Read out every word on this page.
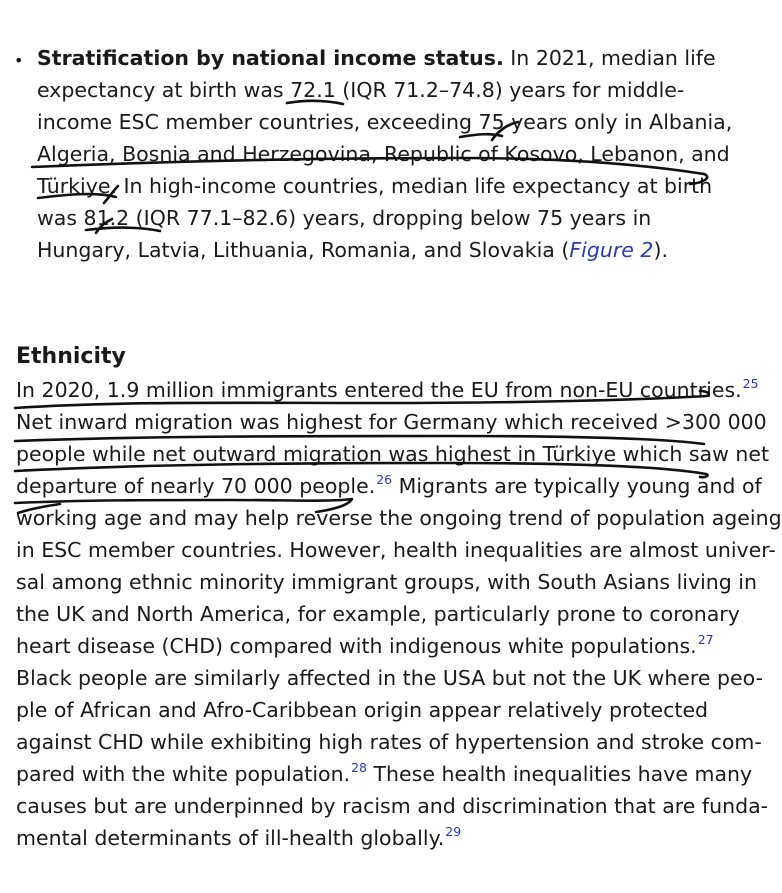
• Stratification by national income status. In 2021, median life
expectancy at birth was 72.1 (IQR 71.2–74.8) years for middle-
income ESC member countries, exceeding 75 years only in Albania,
Algeria, Bosnia and Herzegovina, Republic of Kosovo, Lebanon, and
Türkiye. In high-income countries, median life expectancy at birth
was 81.2 (IQR 77.1–82.6) years, dropping below 75 years in
Hungary, Latvia, Lithuania, Romania, and Slovakia (Figure 2).
Ethnicity
In 2020, 1.9 million immigrants entered the EU from non-EU countries.$^{25}$
Net inward migration was highest for Germany which received >300 000
people while net outward migration was highest in Türkiye which saw net
departure of nearly 70 000 people.$^{26}$ Migrants are typically young and of
working age and may help reverse the ongoing trend of population ageing
in ESC member countries. However, health inequalities are almost univer-
sal among ethnic minority immigrant groups, with South Asians living in
the UK and North America, for example, particularly prone to coronary
heart disease (CHD) compared with indigenous white populations.$^{27}$
Black people are similarly affected in the USA but not the UK where peo-
ple of African and Afro-Caribbean origin appear relatively protected
against CHD while exhibiting high rates of hypertension and stroke com-
pared with the white population.$^{28}$ These health inequalities have many
causes but are underpinned by racism and discrimination that are funda-
mental determinants of ill-health globally.$^{29}$
